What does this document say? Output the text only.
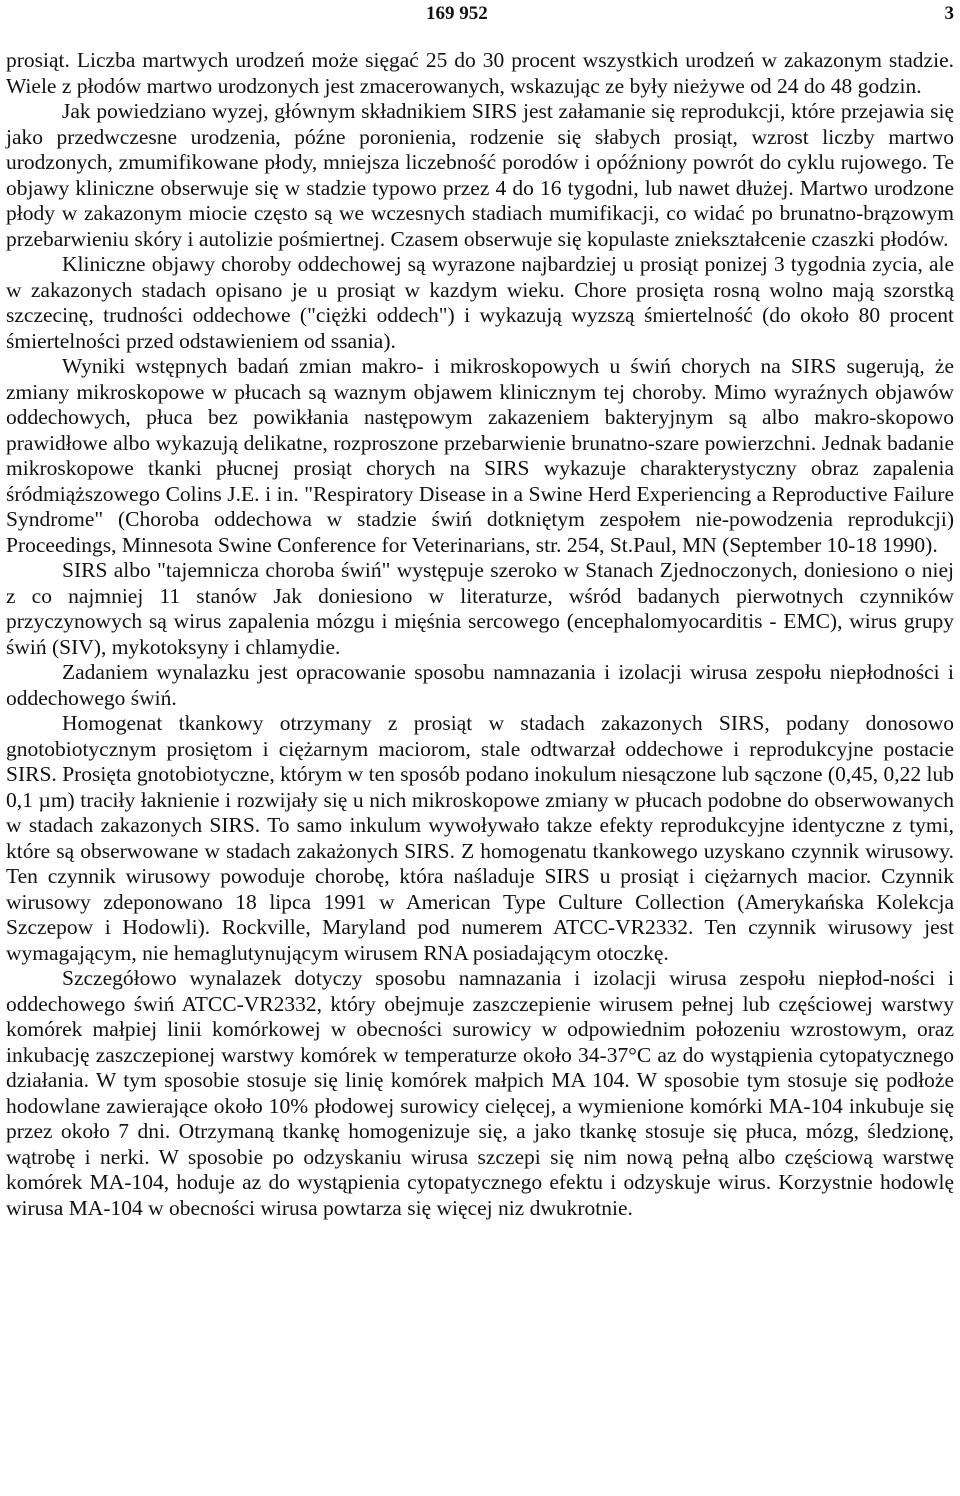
169 952	3

prosiąt. Liczba martwych urodzeń może sięgać 25 do 30 procent wszystkich urodzeń w zakazonym stadzie. Wiele z płodów martwo urodzonych jest zmacerowanych, wskazując ze były nieżywe od 24 do 48 godzin.

Jak powiedziano wyzej, głównym składnikiem SIRS jest załamanie się reprodukcji, które przejawia się jako przedwczesne urodzenia, późne poronienia, rodzenie się słabych prosiąt, wzrost liczby martwo urodzonych, zmumifikowane płody, mniejsza liczebność porodów i opóźniony powrót do cyklu rujowego. Te objawy kliniczne obserwuje się w stadzie typowo przez 4 do 16 tygodni, lub nawet dłużej. Martwo urodzone płody w zakazonym miocie często są we wczesnych stadiach mumifikacji, co widać po brunatno-brązowym przebarwieniu skóry i autolizie pośmiertnej. Czasem obserwuje się kopulaste zniekształcenie czaszki płodów.

Kliniczne objawy choroby oddechowej są wyrazone najbardziej u prosiąt ponizej 3 tygodnia zycia, ale w zakazonych stadach opisano je u prosiąt w kazdym wieku. Chore prosięta rosną wolno mają szorstką szczecinę, trudności oddechowe ("ciężki oddech") i wykazują wyzszą śmiertelność (do około 80 procent śmiertelności przed odstawieniem od ssania).

Wyniki wstępnych badań zmian makro- i mikroskopowych u świń chorych na SIRS sugerują, że zmiany mikroskopowe w płucach są waznym objawem klinicznym tej choroby. Mimo wyraźnych objawów oddechowych, płuca bez powikłania następowym zakazeniem bakteryjnym są albo makro-skopowo prawidłowe albo wykazują delikatne, rozproszone przebarwienie brunatno-szare powierzchni. Jednak badanie mikroskopowe tkanki płucnej prosiąt chorych na SIRS wykazuje charakterystyczny obraz zapalenia śródmiąższowego Colins J.E. i in. "Respiratory Disease in a Swine Herd Experiencing a Reproductive Failure Syndrome" (Choroba oddechowa w stadzie świń dotkniętym zespołem nie-powodzenia reprodukcji) Proceedings, Minnesota Swine Conference for Veterinarians, str. 254, St.Paul, MN (September 10-18 1990).

SIRS albo "tajemnicza choroba świń" występuje szeroko w Stanach Zjednoczonych, doniesiono o niej z co najmniej 11 stanów Jak doniesiono w literaturze, wśród badanych pierwotnych czynników przyczynowych są wirus zapalenia mózgu i mięśnia sercowego (encephalomyocarditis - EMC), wirus grupy świń (SIV), mykotoksyny i chlamydie.

Zadaniem wynalazku jest opracowanie sposobu namnazania i izolacji wirusa zespołu niepłodności i oddechowego świń.

Homogenat tkankowy otrzymany z prosiąt w stadach zakazonych SIRS, podany donosowo gnotobiotycznym prosiętom i ciężarnym maciorom, stale odtwarzał oddechowe i reprodukcyjne postacie SIRS. Prosięta gnotobiotyczne, którym w ten sposób podano inokulum niesączone lub sączone (0,45, 0,22 lub 0,1 µm) traciły łaknienie i rozwijały się u nich mikroskopowe zmiany w płucach podobne do obserwowanych w stadach zakazonych SIRS. To samo inkulum wywoływało takze efekty reprodukcyjne identyczne z tymi, które są obserwowane w stadach zakażonych SIRS. Z homogenatu tkankowego uzyskano czynnik wirusowy. Ten czynnik wirusowy powoduje chorobę, która naśladuje SIRS u prosiąt i ciężarnych macior. Czynnik wirusowy zdeponowano 18 lipca 1991 w American Type Culture Collection (Amerykańska Kolekcja Szczepow i Hodowli). Rockville, Maryland pod numerem ATCC-VR2332. Ten czynnik wirusowy jest wymagającym, nie hemaglutynującym wirusem RNA posiadającym otoczkę.

Szczegółowo wynalazek dotyczy sposobu namnazania i izolacji wirusa zespołu niepłod-ności i oddechowego świń ATCC-VR2332, który obejmuje zaszczepienie wirusem pełnej lub częściowej warstwy komórek małpiej linii komórkowej w obecności surowicy w odpowiednim połozeniu wzrostowym, oraz inkubację zaszczepionej warstwy komórek w temperaturze około 34-37°C az do wystąpienia cytopatycznego działania. W tym sposobie stosuje się linię komórek małpich MA 104. W sposobie tym stosuje się podłoże hodowlane zawierające około 10% płodowej surowicy cielęcej, a wymienione komórki MA-104 inkubuje się przez około 7 dni. Otrzymaną tkankę homogenizuje się, a jako tkankę stosuje się płuca, mózg, śledzionę, wątrobę i nerki. W sposobie po odzyskaniu wirusa szczepi się nim nową pełną albo częściową warstwę komórek MA-104, hoduje az do wystąpienia cytopatycznego efektu i odzyskuje wirus. Korzystnie hodowlę wirusa MA-104 w obecności wirusa powtarza się więcej niz dwukrotnie.
